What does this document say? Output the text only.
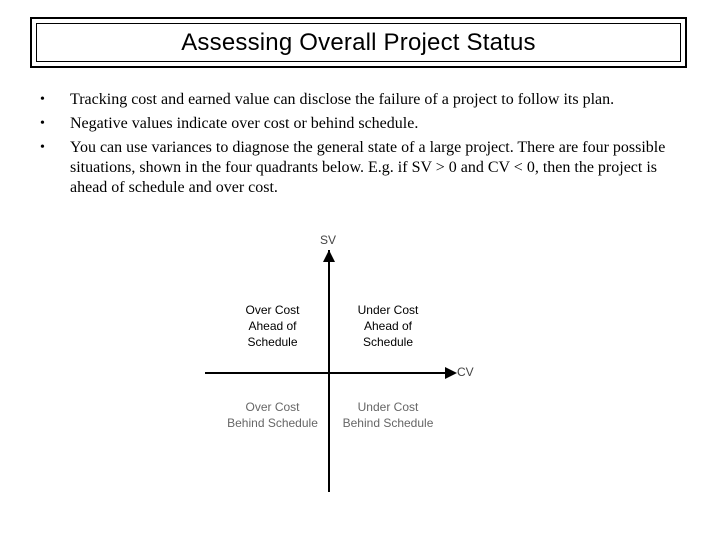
Assessing Overall Project Status
•	Tracking cost and earned value can disclose the failure of a project to follow its plan.
•	Negative values indicate over cost or behind schedule.
•	You can use variances to diagnose the general state of a large project. There are four possible situations, shown in the four quadrants below. E.g. if SV > 0 and CV < 0, then the project is ahead of schedule and over cost.
SV
CV
Over Cost
Ahead of
Schedule
Under Cost
Ahead of
Schedule
Over Cost
Behind Schedule
Under Cost
Behind Schedule
